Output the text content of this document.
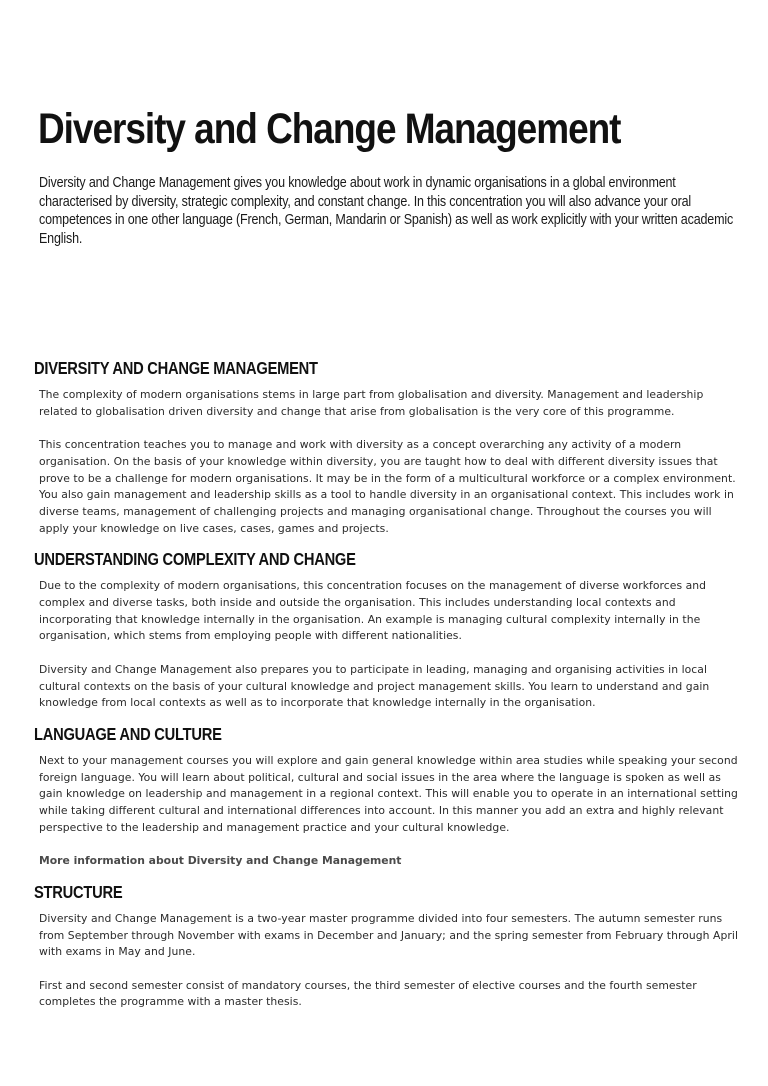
Diversity and Change Management

Diversity and Change Management gives you knowledge about work in dynamic organisations in a global environment characterised by diversity, strategic complexity, and constant change. In this concentration you will also advance your oral competences in one other language (French, German, Mandarin or Spanish) as well as work explicitly with your written academic English.

DIVERSITY AND CHANGE MANAGEMENT

The complexity of modern organisations stems in large part from globalisation and diversity. Management and leadership related to globalisation driven diversity and change that arise from globalisation is the very core of this programme.

This concentration teaches you to manage and work with diversity as a concept overarching any activity of a modern organisation. On the basis of your knowledge within diversity, you are taught how to deal with different diversity issues that prove to be a challenge for modern organisations. It may be in the form of a multicultural workforce or a complex environment. You also gain management and leadership skills as a tool to handle diversity in an organisational context. This includes work in diverse teams, management of challenging projects and managing organisational change. Throughout the courses you will apply your knowledge on live cases, cases, games and projects.

UNDERSTANDING COMPLEXITY AND CHANGE

Due to the complexity of modern organisations, this concentration focuses on the management of diverse workforces and complex and diverse tasks, both inside and outside the organisation. This includes understanding local contexts and incorporating that knowledge internally in the organisation. An example is managing cultural complexity internally in the organisation, which stems from employing people with different nationalities.

Diversity and Change Management also prepares you to participate in leading, managing and organising activities in local cultural contexts on the basis of your cultural knowledge and project management skills. You learn to understand and gain knowledge from local contexts as well as to incorporate that knowledge internally in the organisation.

LANGUAGE AND CULTURE

Next to your management courses you will explore and gain general knowledge within area studies while speaking your second foreign language. You will learn about political, cultural and social issues in the area where the language is spoken as well as gain knowledge on leadership and management in a regional context. This will enable you to operate in an international setting while taking different cultural and international differences into account. In this manner you add an extra and highly relevant perspective to the leadership and management practice and your cultural knowledge.

More information about Diversity and Change Management
STRUCTURE

Diversity and Change Management is a two-year master programme divided into four semesters. The autumn semester runs from September through November with exams in December and January; and the spring semester from February through April with exams in May and June.

First and second semester consist of mandatory courses, the third semester of elective courses and the fourth semester completes the programme with a master thesis.
